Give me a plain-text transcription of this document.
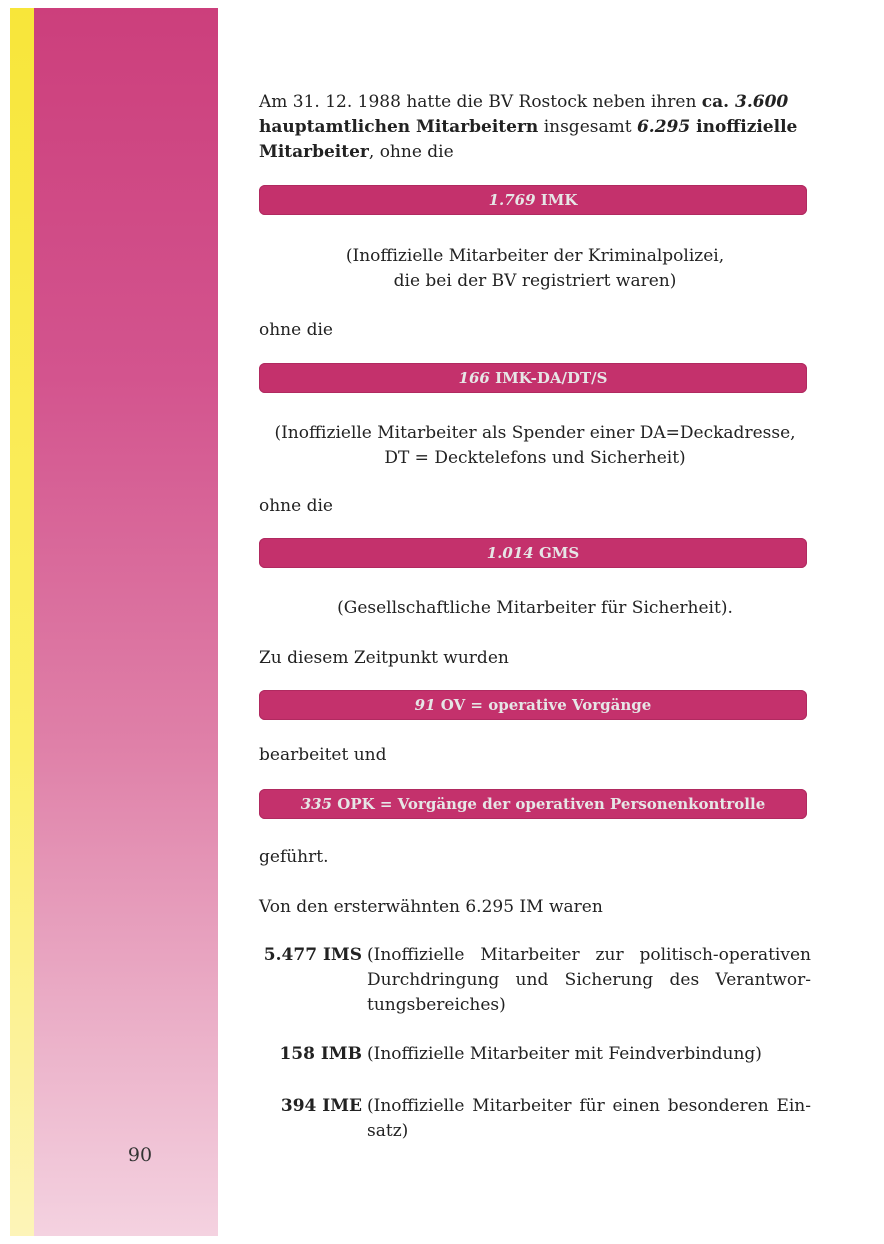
90
Am 31. 12. 1988 hatte die BV Rostock neben ihren ca. 3.600 hauptamtlichen Mitarbeitern insgesamt 6.295 inoffizielle Mitarbeiter, ohne die
1.769 IMK
(Inoffizielle Mitarbeiter der Kriminalpolizei,
die bei der BV registriert waren)
ohne die
166 IMK-DA/DT/S
(Inoffizielle Mitarbeiter als Spender einer DA=Deckadresse,
DT = Decktelefons und Sicherheit)
ohne die
1.014 GMS
(Gesellschaftliche Mitarbeiter für Sicherheit).
Zu diesem Zeitpunkt wurden
91 OV = operative Vorgänge
bearbeitet und
335 OPK = Vorgänge der operativen Personenkontrolle
geführt.
Von den ersterwähnten 6.295 IM waren
5.477 IMS (Inoffizielle Mitarbeiter zur politisch-operativen Durchdringung und Sicherung des Verantwor-tungsbereiches)
158 IMB (Inoffizielle Mitarbeiter mit Feindverbindung)
394 IME (Inoffizielle Mitarbeiter für einen besonderen Ein-satz)
